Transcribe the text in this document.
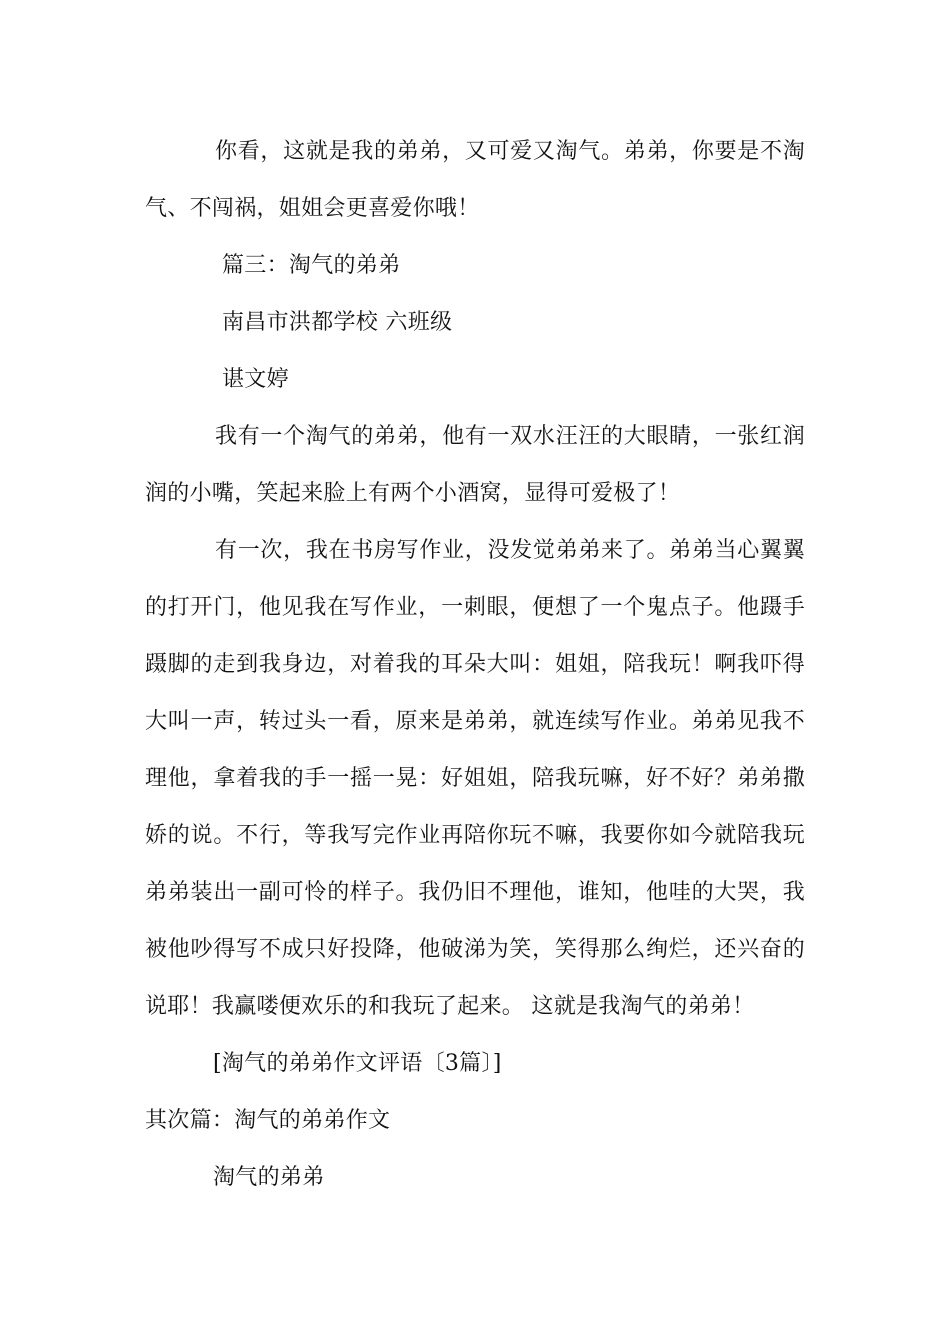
你看，这就是我的弟弟，又可爱又淘气。弟弟，你要是不淘
气、不闯祸，姐姐会更喜爱你哦！
篇三：淘气的弟弟
南昌市洪都学校 六班级
谌文婷
我有一个淘气的弟弟，他有一双水汪汪的大眼睛，一张红润
润的小嘴，笑起来脸上有两个小酒窝，显得可爱极了！
有一次，我在书房写作业，没发觉弟弟来了。弟弟当心翼翼
的打开门，他见我在写作业，一刺眼，便想了一个鬼点子。他蹑手
蹑脚的走到我身边，对着我的耳朵大叫：姐姐，陪我玩！啊我吓得
大叫一声，转过头一看，原来是弟弟，就连续写作业。弟弟见我不
理他，拿着我的手一摇一晃：好姐姐，陪我玩嘛，好不好？弟弟撒
娇的说。不行，等我写完作业再陪你玩不嘛，我要你如今就陪我玩
弟弟装出一副可怜的样子。我仍旧不理他，谁知，他哇的大哭，我
被他吵得写不成只好投降，他破涕为笑，笑得那么绚烂，还兴奋的
说耶！我赢喽便欢乐的和我玩了起来。 这就是我淘气的弟弟！
[淘气的弟弟作文评语〔3篇〕]
其次篇：淘气的弟弟作文
淘气的弟弟
